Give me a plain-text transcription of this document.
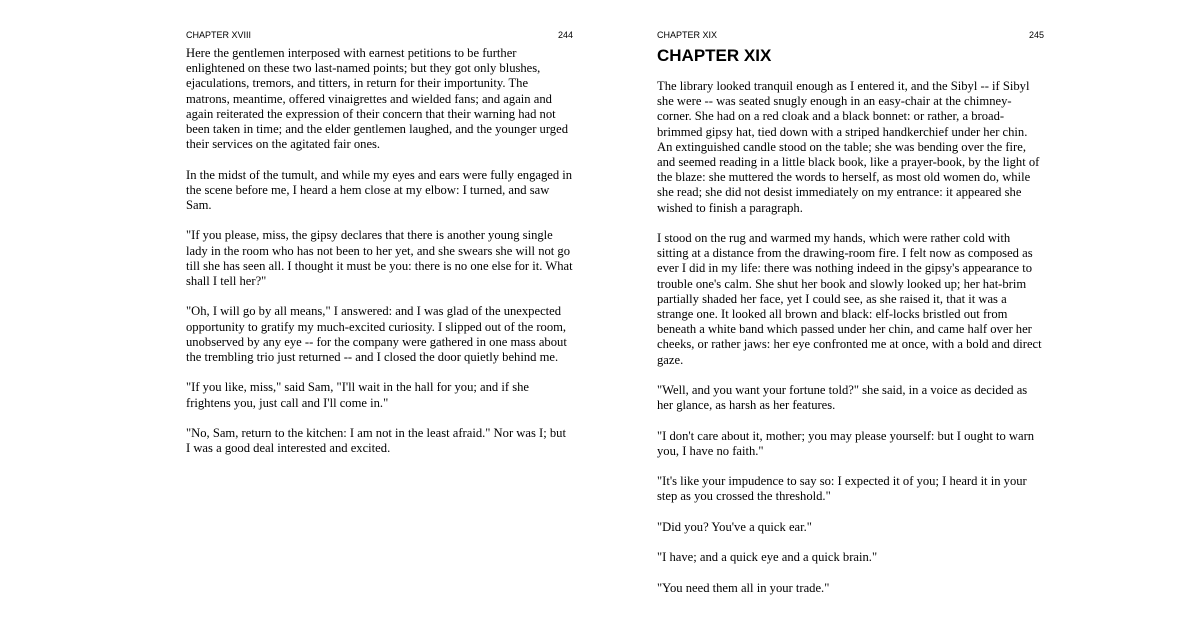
CHAPTER XVIII	244

Here the gentlemen interposed with earnest petitions to be further enlightened on these two last-named points; but they got only blushes, ejaculations, tremors, and titters, in return for their importunity. The matrons, meantime, offered vinaigrettes and wielded fans; and again and again reiterated the expression of their concern that their warning had not been taken in time; and the elder gentlemen laughed, and the younger urged their services on the agitated fair ones.

In the midst of the tumult, and while my eyes and ears were fully engaged in the scene before me, I heard a hem close at my elbow: I turned, and saw Sam.

"If you please, miss, the gipsy declares that there is another young single lady in the room who has not been to her yet, and she swears she will not go till she has seen all. I thought it must be you: there is no one else for it. What shall I tell her?"

"Oh, I will go by all means," I answered: and I was glad of the unexpected opportunity to gratify my much-excited curiosity. I slipped out of the room, unobserved by any eye -- for the company were gathered in one mass about the trembling trio just returned -- and I closed the door quietly behind me.

"If you like, miss," said Sam, "I'll wait in the hall for you; and if she frightens you, just call and I'll come in."

"No, Sam, return to the kitchen: I am not in the least afraid." Nor was I; but I was a good deal interested and excited.

CHAPTER XIX	245
CHAPTER XIX

The library looked tranquil enough as I entered it, and the Sibyl -- if Sibyl she were -- was seated snugly enough in an easy-chair at the chimney-corner. She had on a red cloak and a black bonnet: or rather, a broad-brimmed gipsy hat, tied down with a striped handkerchief under her chin. An extinguished candle stood on the table; she was bending over the fire, and seemed reading in a little black book, like a prayer-book, by the light of the blaze: she muttered the words to herself, as most old women do, while she read; she did not desist immediately on my entrance: it appeared she wished to finish a paragraph.

I stood on the rug and warmed my hands, which were rather cold with sitting at a distance from the drawing-room fire. I felt now as composed as ever I did in my life: there was nothing indeed in the gipsy's appearance to trouble one's calm. She shut her book and slowly looked up; her hat-brim partially shaded her face, yet I could see, as she raised it, that it was a strange one. It looked all brown and black: elf-locks bristled out from beneath a white band which passed under her chin, and came half over her cheeks, or rather jaws: her eye confronted me at once, with a bold and direct gaze.

"Well, and you want your fortune told?" she said, in a voice as decided as her glance, as harsh as her features.

"I don't care about it, mother; you may please yourself: but I ought to warn you, I have no faith."

"It's like your impudence to say so: I expected it of you; I heard it in your step as you crossed the threshold."

"Did you? You've a quick ear."

"I have; and a quick eye and a quick brain."

"You need them all in your trade."
